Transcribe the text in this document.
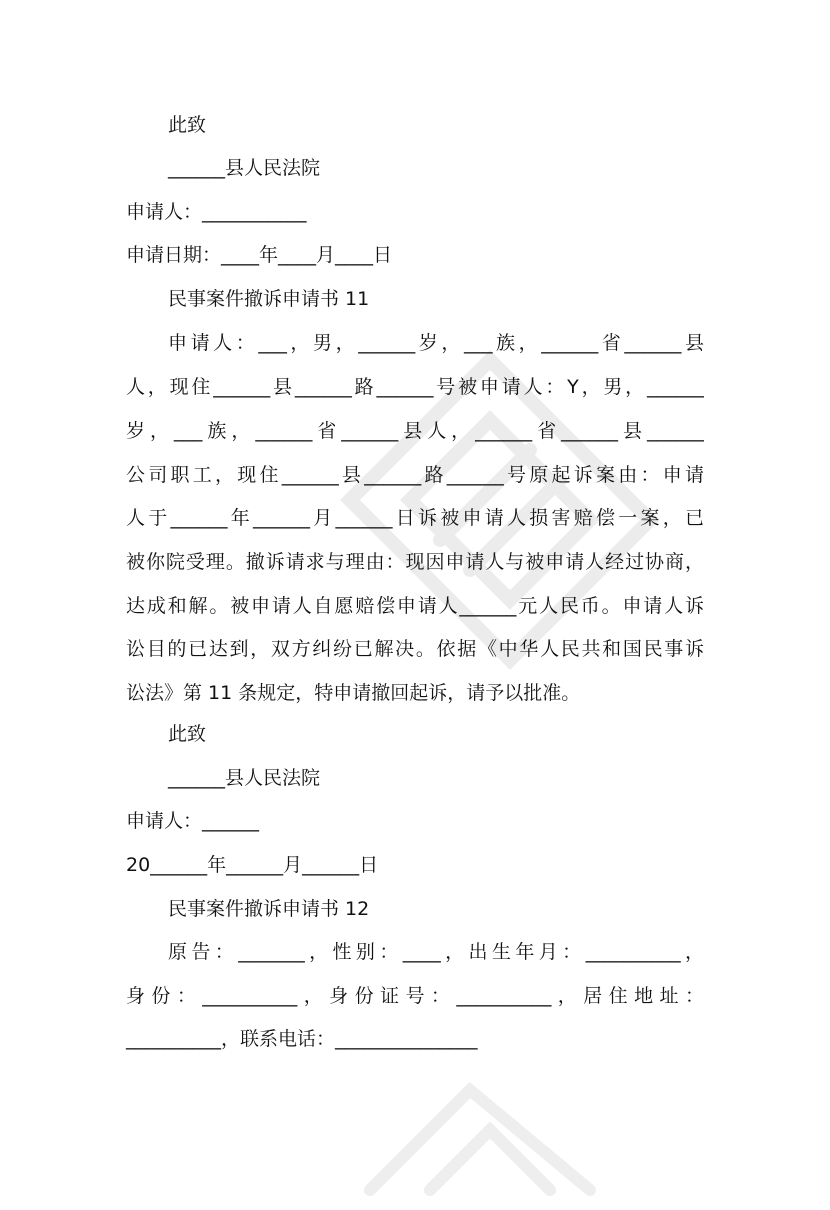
此致
______县人民法院
申请人：___________
申请日期：____年____月____日
民事案件撤诉申请书 11
申请人：___，男，______岁，___族，______省______县
人，现住______县______路______号被申请人：Y，男，______
岁，___族，______省______县人，______省______县______
公司职工，现住______县______路______号原起诉案由：申请
人于______年______月______日诉被申请人损害赔偿一案，已
被你院受理。撤诉请求与理由：现因申请人与被申请人经过协商，
达成和解。被申请人自愿赔偿申请人______元人民币。申请人诉
讼目的已达到，双方纠纷已解决。依据《中华人民共和国民事诉
讼法》第 11 条规定，特申请撤回起诉，请予以批准。
此致
______县人民法院
申请人：______
20______年______月______日
民事案件撤诉申请书 12
原告：_______，性别：____，出生年月：__________，
身份：__________，身份证号：__________，居住地址：
__________，联系电话：_______________
